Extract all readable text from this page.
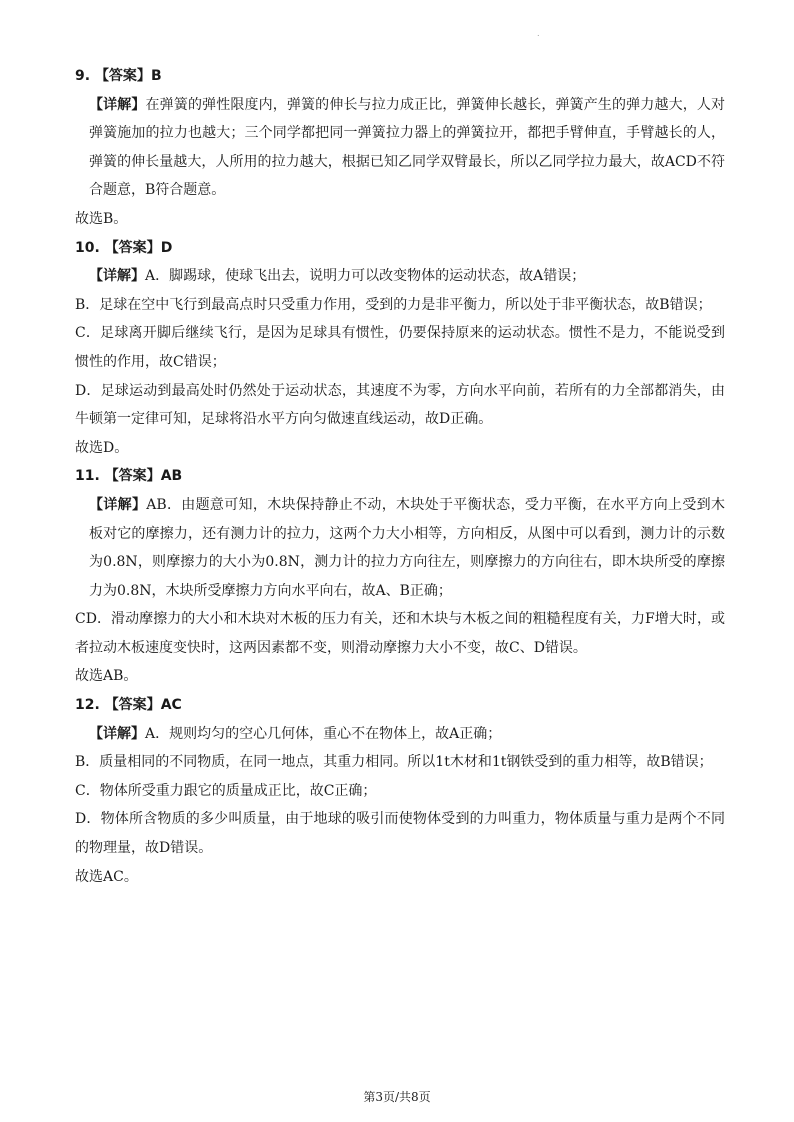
.
9. 【答案】B

【详解】在弹簧的弹性限度内，弹簧的伸长与拉力成正比，弹簧伸长越长，弹簧产生的弹力越大，人对弹簧施加的拉力也越大；三个同学都把同一弹簧拉力器上的弹簧拉开，都把手臂伸直，手臂越长的人，弹簧的伸长量越大，人所用的拉力越大，根据已知乙同学双臂最长，所以乙同学拉力最大，故ACD不符合题意，B符合题意。

故选B。

10. 【答案】D

【详解】A．脚踢球，使球飞出去，说明力可以改变物体的运动状态，故A错误；

B．足球在空中飞行到最高点时只受重力作用，受到的力是非平衡力，所以处于非平衡状态，故B错误；

C．足球离开脚后继续飞行，是因为足球具有惯性，仍要保持原来的运动状态。惯性不是力，不能说受到惯性的作用，故C错误；

D．足球运动到最高处时仍然处于运动状态，其速度不为零，方向水平向前，若所有的力全部都消失，由牛顿第一定律可知，足球将沿水平方向匀做速直线运动，故D正确。

故选D。

11. 【答案】AB

【详解】AB．由题意可知，木块保持静止不动，木块处于平衡状态，受力平衡，在水平方向上受到木板对它的摩擦力，还有测力计的拉力，这两个力大小相等，方向相反，从图中可以看到，测力计的示数为0.8N，则摩擦力的大小为0.8N，测力计的拉力方向往左，则摩擦力的方向往右，即木块所受的摩擦力为0.8N，木块所受摩擦力方向水平向右，故A、B正确；

CD．滑动摩擦力的大小和木块对木板的压力有关，还和木块与木板之间的粗糙程度有关，力F增大时，或者拉动木板速度变快时，这两因素都不变，则滑动摩擦力大小不变，故C、D错误。

故选AB。

12. 【答案】AC

【详解】A．规则均匀的空心几何体，重心不在物体上，故A正确；

B．质量相同的不同物质，在同一地点，其重力相同。所以1t木材和1t钢铁受到的重力相等，故B错误；

C．物体所受重力跟它的质量成正比，故C正确；

D．物体所含物质的多少叫质量，由于地球的吸引而使物体受到的力叫重力，物体质量与重力是两个不同的物理量，故D错误。

故选AC。

第3页/共8页
